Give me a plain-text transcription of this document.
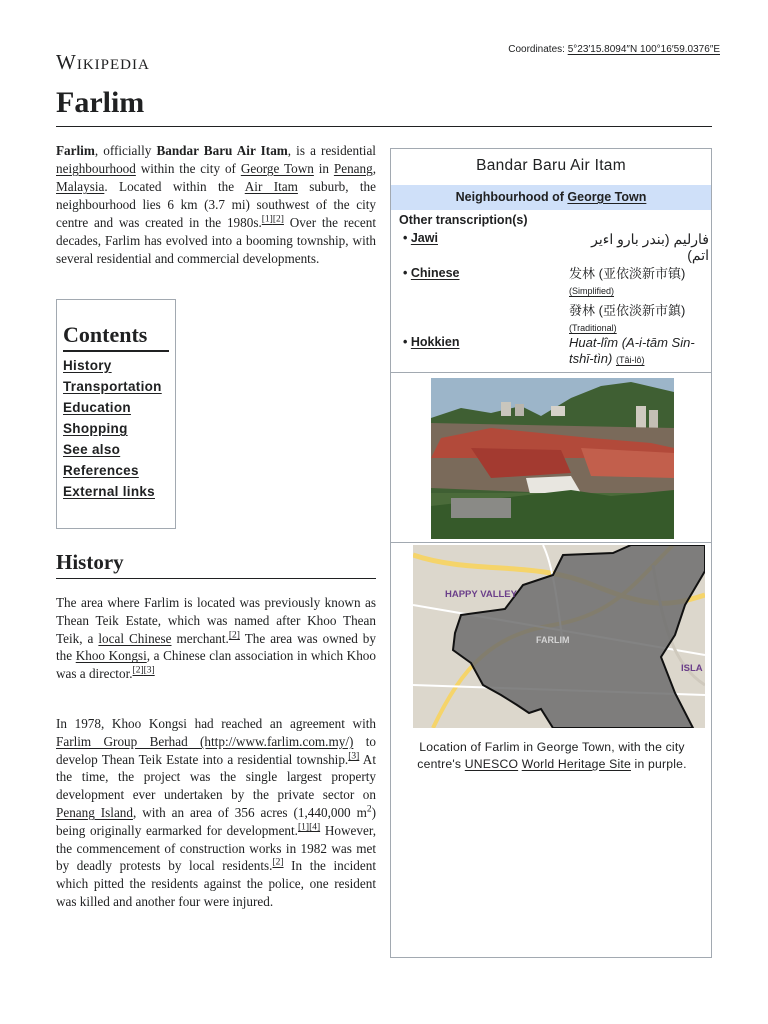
Wikipedia
Coordinates: 5°23′15.8094″N 100°16′59.0376″E
Farlim
Farlim, officially Bandar Baru Air Itam, is a residential neighbourhood within the city of George Town in Penang, Malaysia. Located within the Air Itam suburb, the neighbourhood lies 6 km (3.7 mi) southwest of the city centre and was created in the 1980s.[1][2] Over the recent decades, Farlim has evolved into a booming township, with several residential and commercial developments.
Contents
History
Transportation
Education
Shopping
See also
References
External links
History
The area where Farlim is located was previously known as Thean Teik Estate, which was named after Khoo Thean Teik, a local Chinese merchant.[2] The area was owned by the Khoo Kongsi, a Chinese clan association in which Khoo was a director.[2][3]
In 1978, Khoo Kongsi had reached an agreement with Farlim Group Berhad (http://www.farlim.com.my/) to develop Thean Teik Estate into a residential township.[3] At the time, the project was the single largest property development ever undertaken by the private sector on Penang Island, with an area of 356 acres (1,440,000 $m^2$) being originally earmarked for development.[1][4] However, the commencement of construction works in 1982 was met by deadly protests by local residents.[2] In the incident which pitted the residents against the police, one resident was killed and another four were injured.
Bandar Baru Air Itam
Neighbourhood of George Town
Other transcription(s)
• Jawi	فارليم (بندر بارو اءير اتم)
• Chinese	发林 (亚依淡新市镇)
(Simplified)
發林 (亞依淡新市鎮)
(Traditional)
• Hokkien	Huat-lîm (A-i-tām Sin-tshī-tìn) (Tâi-lô)
HAPPY VALLEY
FARLIM
ISLA
Location of Farlim in George Town, with the city centre's UNESCO World Heritage Site in purple.
